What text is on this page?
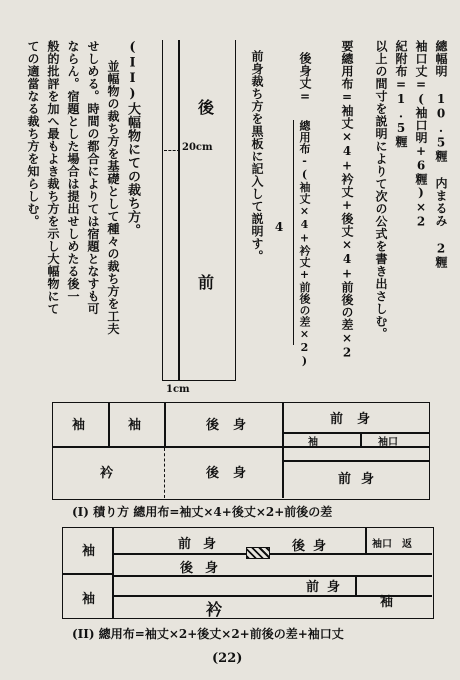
總幅明 10.5糎 内まるみ 2糎
袖口丈=(袖口明+6糎)×2
紀附布=1.5糎
以上の間寸を説明によりて次の公式を書き出さしむ。
要總用布=袖丈×4+衿丈+後丈×4+前後の差×2
後身丈=
總用布-(袖丈×4+衿丈+前後の差×2)
4
前身裁ち方を黒板に記入して説明す。
(II)大幅物にての裁ち方。
並幅物の裁ち方を基礎として種々の裁ち方を工夫
せしめる。時間の都合によりては宿題となすも可
ならん。宿題とした場合は提出せしめたる後一
般的批評を加へ最もよき裁ち方を示し大幅物にて
ての適當なる裁ち方を知らしむ。	後
前
20cm
1cm
袖	袖	後身	前身
袖	袖口
衿	後身	前身
(I) 積り方 總用布=袖丈×4+後丈×2+前後の差
袖
袖
前身	後身	袖口 返
後身
前身
衿	袖
(II) 總用布=袖丈×2+後丈×2+前後の差+袖口丈
(22)
